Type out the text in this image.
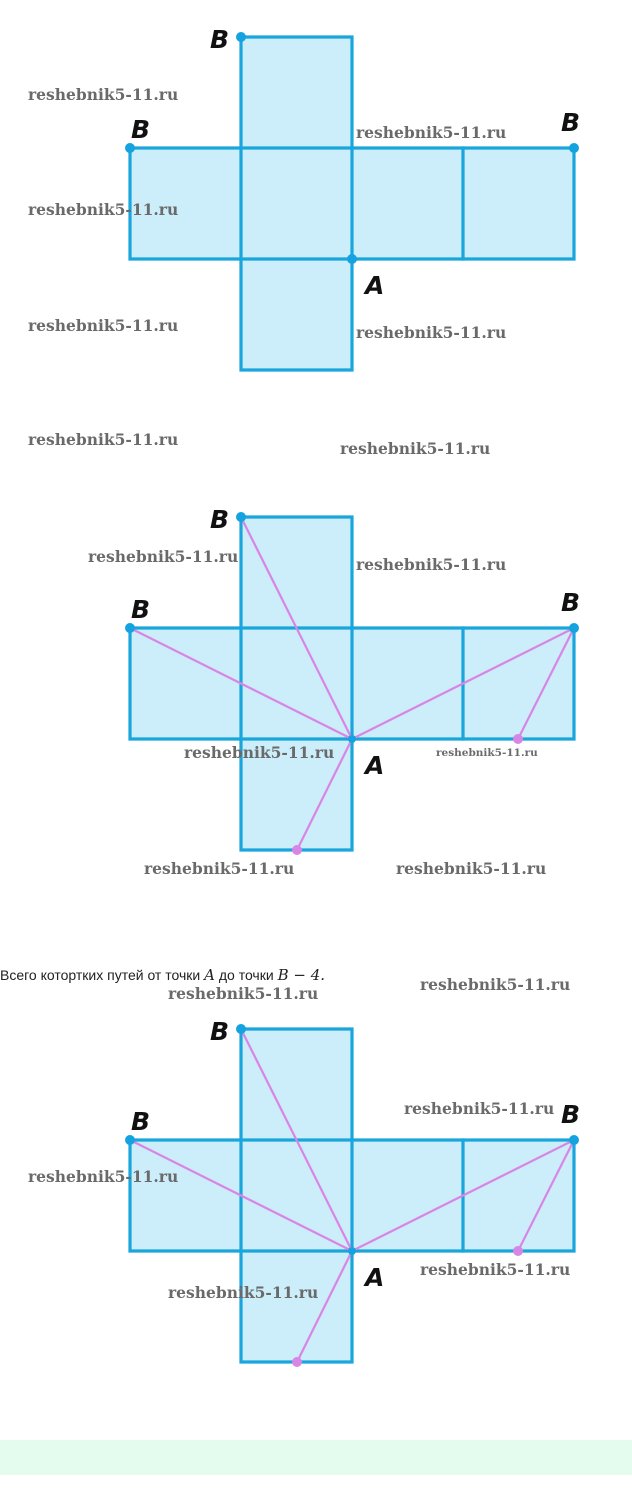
B
B	B
A
B
B	B
A
Всего котортких путей от точки A до точки B − 4.
B
B	B
A
reshebnik5-11.ru
reshebnik5-11.ru
reshebnik5-11.ru
reshebnik5-11.ru	reshebnik5-11.ru
reshebnik5-11.ru	reshebnik5-11.ru
reshebnik5-11.ru	reshebnik5-11.ru
reshebnik5-11.ru	reshebnik5-11.ru
reshebnik5-11.ru	reshebnik5-11.ru
reshebnik5-11.ru
reshebnik5-11.ru
reshebnik5-11.ru
reshebnik5-11.ru
reshebnik5-11.ru
reshebnik5-11.ru
